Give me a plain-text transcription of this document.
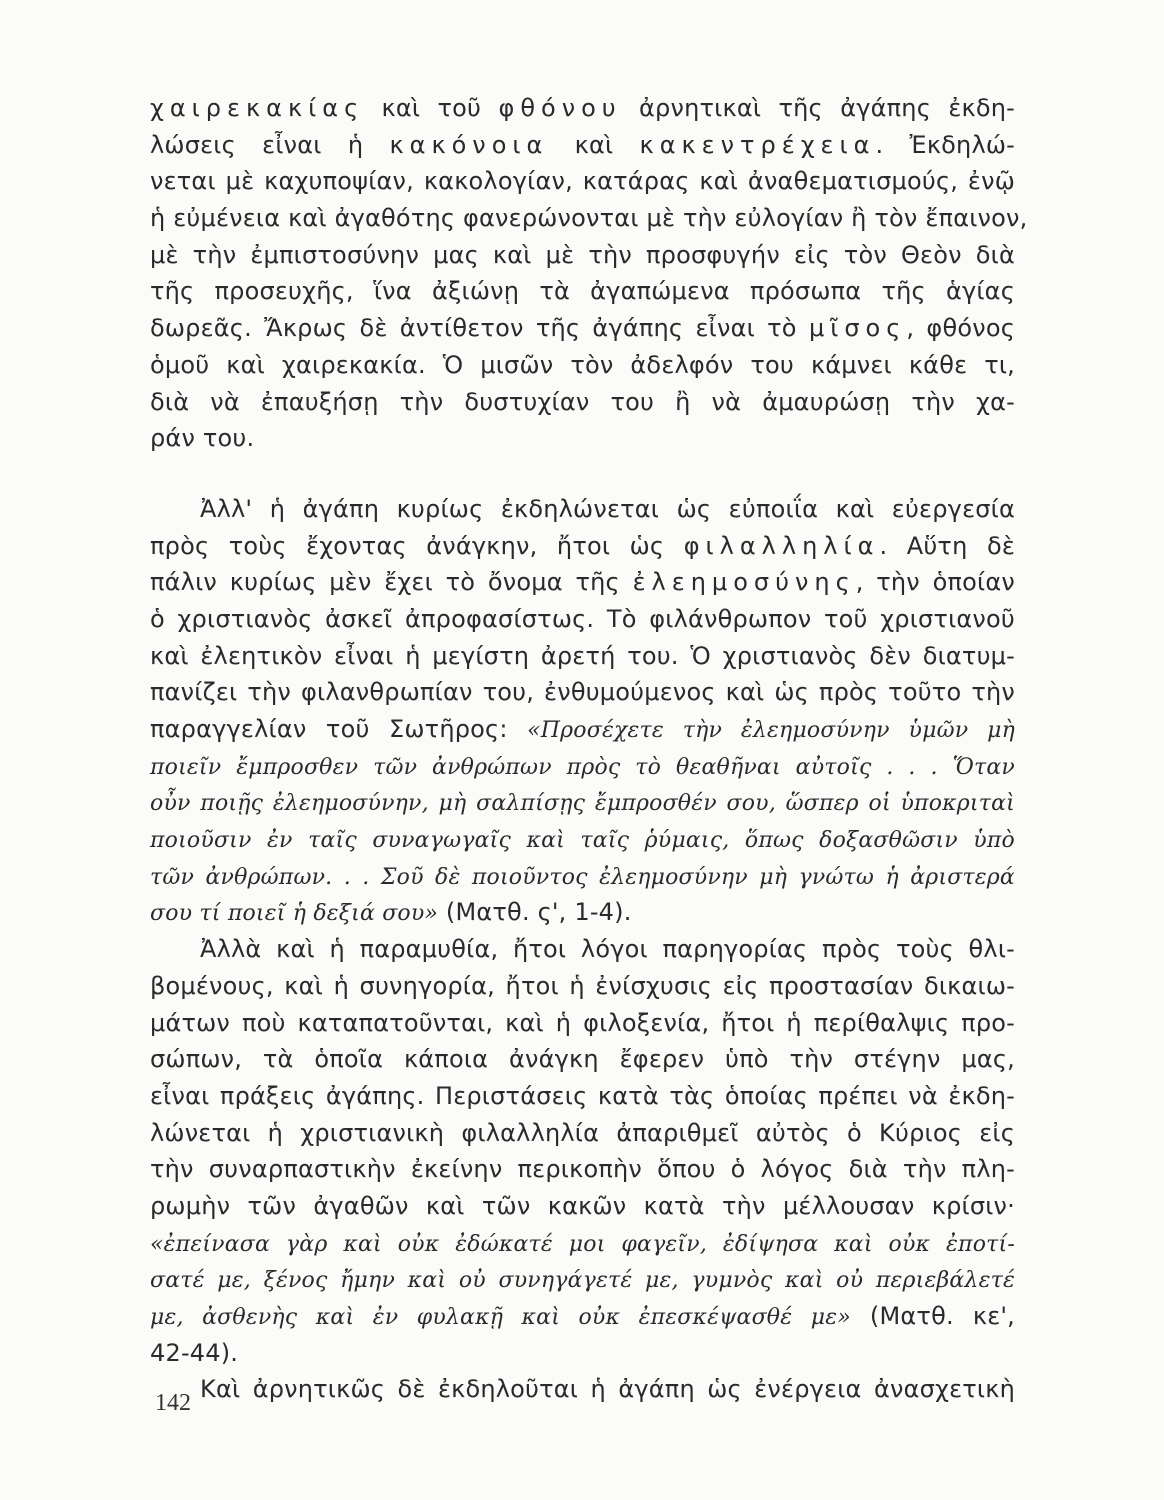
χαιρεκακίας καὶ τοῦ φθόνου ἀρνητικαὶ τῆς ἀγάπης ἐκδη-
λώσεις εἶναι ἡ κακόνοια καὶ κακεντρέχεια. Ἐκδηλώ-
νεται μὲ καχυποψίαν, κακολογίαν, κατάρας καὶ ἀναθεματισμούς, ἐνῷ
ἡ εὐμένεια καὶ ἀγαθότης φανερώνονται μὲ τὴν εὐλογίαν ἢ τὸν ἔπαινον,
μὲ τὴν ἐμπιστοσύνην μας καὶ μὲ τὴν προσφυγήν εἰς τὸν Θεὸν διὰ
τῆς προσευχῆς, ἵνα ἀξιώνῃ τὰ ἀγαπώμενα πρόσωπα τῆς ἁγίας
δωρεᾶς. Ἄκρως δὲ ἀντίθετον τῆς ἀγάπης εἶναι τὸ μῖσος, φθόνος
ὁμοῦ καὶ χαιρεκακία. Ὁ μισῶν τὸν ἀδελφόν του κάμνει κάθε τι,
διὰ νὰ ἐπαυξήσῃ τὴν δυστυχίαν του ἢ νὰ ἀμαυρώσῃ τὴν χα-
ράν του.
Ἀλλ' ἡ ἀγάπη κυρίως ἐκδηλώνεται ὡς εὐποιΐα καὶ εὐεργεσία
πρὸς τοὺς ἔχοντας ἀνάγκην, ἤτοι ὡς φιλαλληλία. Αὕτη δὲ
πάλιν κυρίως μὲν ἔχει τὸ ὄνομα τῆς ἐλεημοσύνης, τὴν ὁποίαν
ὁ χριστιανὸς ἀσκεῖ ἀπροφασίστως. Τὸ φιλάνθρωπον τοῦ χριστιανοῦ
καὶ ἐλεητικὸν εἶναι ἡ μεγίστη ἀρετή του. Ὁ χριστιανὸς δὲν διατυμ-
πανίζει τὴν φιλανθρωπίαν του, ἐνθυμούμενος καὶ ὡς πρὸς τοῦτο τὴν
παραγγελίαν τοῦ Σωτῆρος: «Προσέχετε τὴν ἐλεημοσύνην ὑμῶν μὴ
ποιεῖν ἔμπροσθεν τῶν ἀνθρώπων πρὸς τὸ θεαθῆναι αὐτοῖς . . . Ὅταν
οὖν ποιῇς ἐλεημοσύνην, μὴ σαλπίσῃς ἔμπροσθέν σου, ὥσπερ οἱ ὑποκριταὶ
ποιοῦσιν ἐν ταῖς συναγωγαῖς καὶ ταῖς ῥύμαις, ὅπως δοξασθῶσιν ὑπὸ
τῶν ἀνθρώπων. . . Σοῦ δὲ ποιοῦντος ἐλεημοσύνην μὴ γνώτω ἡ ἀριστερά
σου τί ποιεῖ ἡ δεξιά σου» (Ματθ. ς', 1-4).
Ἀλλὰ καὶ ἡ παραμυθία, ἤτοι λόγοι παρηγορίας πρὸς τοὺς θλι-
βομένους, καὶ ἡ συνηγορία, ἤτοι ἡ ἐνίσχυσις εἰς προστασίαν δικαιω-
μάτων ποὺ καταπατοῦνται, καὶ ἡ φιλοξενία, ἤτοι ἡ περίθαλψις προ-
σώπων, τὰ ὁποῖα κάποια ἀνάγκη ἔφερεν ὑπὸ τὴν στέγην μας,
εἶναι πράξεις ἀγάπης. Περιστάσεις κατὰ τὰς ὁποίας πρέπει νὰ ἐκδη-
λώνεται ἡ χριστιανικὴ φιλαλληλία ἀπαριθμεῖ αὐτὸς ὁ Κύριος εἰς
τὴν συναρπαστικὴν ἐκείνην περικοπὴν ὅπου ὁ λόγος διὰ τὴν πλη-
ρωμὴν τῶν ἀγαθῶν καὶ τῶν κακῶν κατὰ τὴν μέλλουσαν κρίσιν·
«ἐπείνασα γὰρ καὶ οὐκ ἐδώκατέ μοι φαγεῖν, ἐδίψησα καὶ οὐκ ἐποτί-
σατέ με, ξένος ἤμην καὶ οὐ συνηγάγετέ με, γυμνὸς καὶ οὐ περιεβάλετέ
με, ἀσθενὴς καὶ ἐν φυλακῇ καὶ οὐκ ἐπεσκέψασθέ με» (Ματθ. κε',
42-44).
Καὶ ἀρνητικῶς δὲ ἐκδηλοῦται ἡ ἀγάπη ὡς ἐνέργεια ἀνασχετικὴ
142
